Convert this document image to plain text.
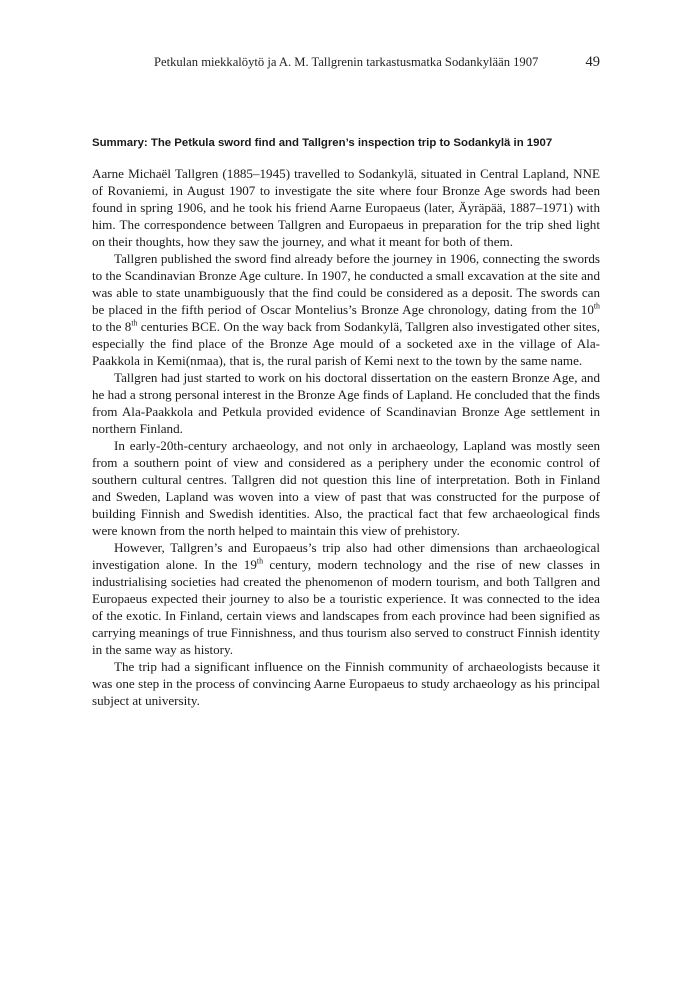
Petkulan miekkalöytö ja A. M. Tallgrenin tarkastusmatka Sodankylään 1907	49
Summary: The Petkula sword find and Tallgren’s inspection trip to Sodankylä in 1907

Aarne Michaël Tallgren (1885–1945) travelled to Sodankylä, situated in Central Lapland, NNE of Rovaniemi, in August 1907 to investigate the site where four Bronze Age swords had been found in spring 1906, and he took his friend Aarne Europaeus (later, Äyräpää, 1887–1971) with him. The correspondence between Tallgren and Europaeus in preparation for the trip shed light on their thoughts, how they saw the journey, and what it meant for both of them.

Tallgren published the sword find already before the journey in 1906, connecting the swords to the Scandinavian Bronze Age culture. In 1907, he conducted a small excavation at the site and was able to state unambiguously that the find could be considered as a deposit. The swords can be placed in the fifth period of Oscar Montelius’s Bronze Age chronology, dating from the 10th to the 8th centuries BCE. On the way back from Sodankylä, Tallgren also investigated other sites, especially the find place of the Bronze Age mould of a socketed axe in the village of Ala-Paakkola in Kemi(nmaa), that is, the rural parish of Kemi next to the town by the same name.

Tallgren had just started to work on his doctoral dissertation on the eastern Bronze Age, and he had a strong personal interest in the Bronze Age finds of Lapland. He concluded that the finds from Ala-Paakkola and Petkula provided evidence of Scandinavian Bronze Age settlement in northern Finland.

In early-20th-century archaeology, and not only in archaeology, Lapland was mostly seen from a southern point of view and considered as a periphery under the economic control of southern cultural centres. Tallgren did not question this line of interpretation. Both in Finland and Sweden, Lapland was woven into a view of past that was constructed for the purpose of building Finnish and Swedish identities. Also, the practical fact that few archaeological finds were known from the north helped to maintain this view of prehistory.

However, Tallgren’s and Europaeus’s trip also had other dimensions than archaeological investigation alone. In the 19th century, modern technology and the rise of new classes in industrialising societies had created the phenomenon of modern tourism, and both Tallgren and Europaeus expected their journey to also be a touristic experience. It was connected to the idea of the exotic. In Finland, certain views and landscapes from each province had been signified as carrying meanings of true Finnishness, and thus tourism also served to construct Finnish identity in the same way as history.

The trip had a significant influence on the Finnish community of archaeologists because it was one step in the process of convincing Aarne Europaeus to study archaeology as his principal subject at university.
